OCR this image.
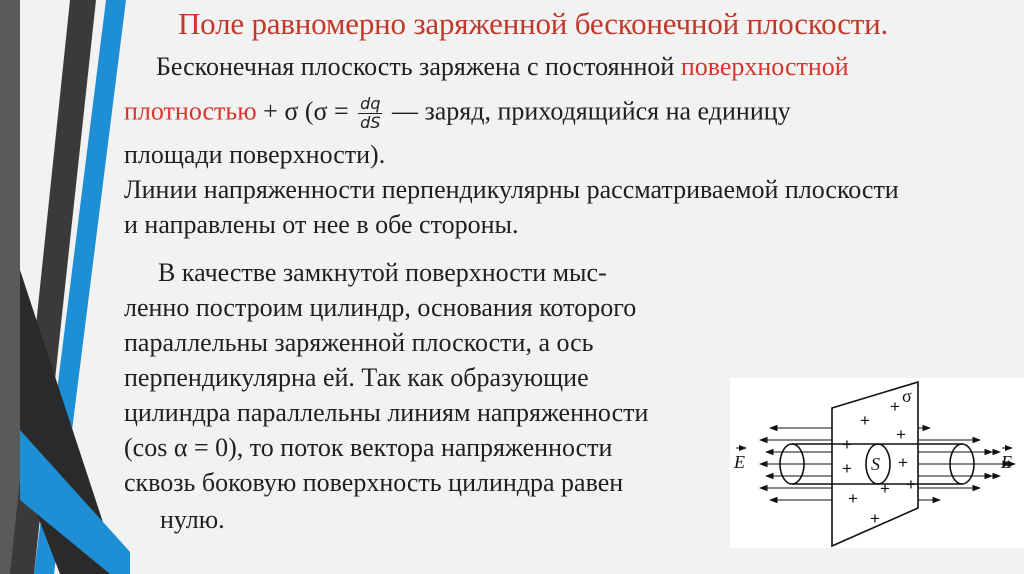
Поле равномерно заряженной бесконечной плоскости.
Бесконечная плоскость заряжена с постоянной поверхностной
плотностью + σ ($\sigma = \frac{dq}{dS}$ — заряд, приходящийся на единицу
площади поверхности).
Линии напряженности перпендикулярны рассматриваемой плоскости
и направлены от нее в обе стороны.
В качестве замкнутой поверхности мыс-
ленно построим цилиндр, основания которого
параллельны заряженной плоскости, а ось
перпендикулярна ей. Так как образующие
цилиндра параллельны линиям напряженности
(cos α = 0), то поток вектора напряженности
сквозь боковую поверхность цилиндра равен
нулю.
+
+
+
+
+	+
+
+
+
+
σ
S
E	E
